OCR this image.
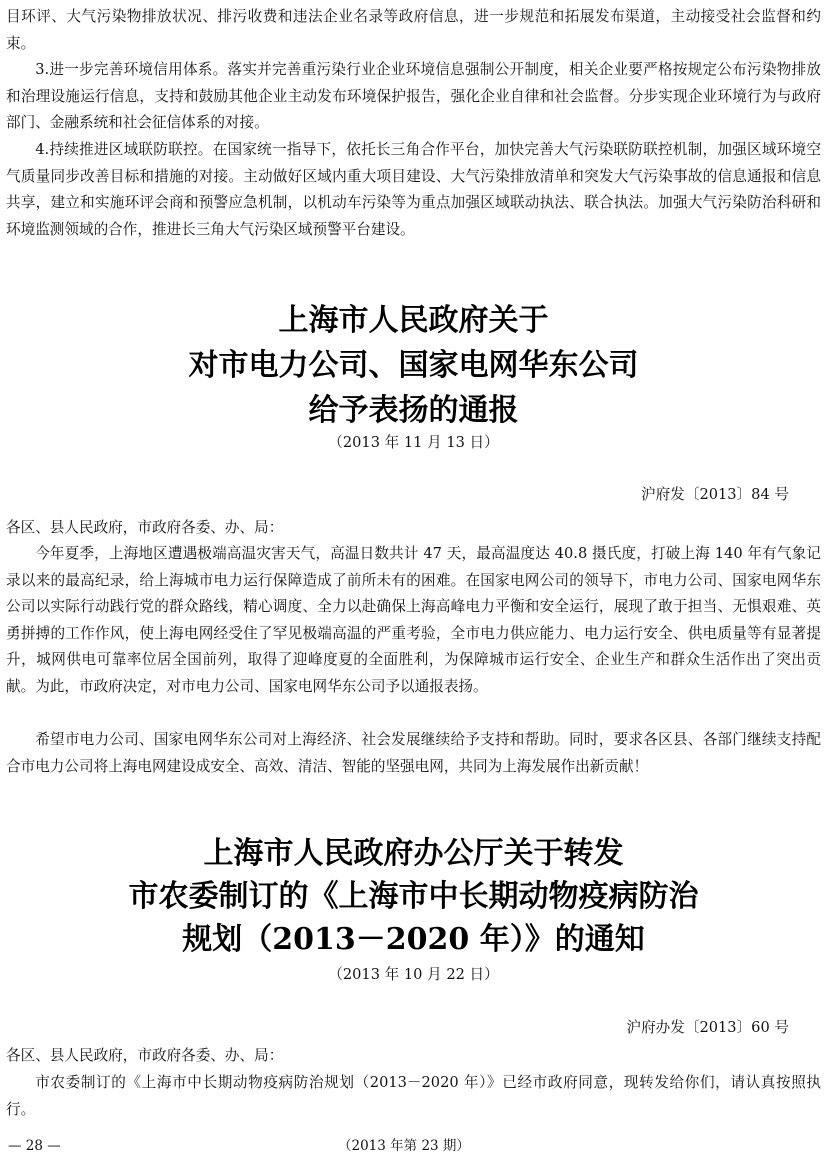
目环评、大气污染物排放状况、排污收费和违法企业名录等政府信息，进一步规范和拓展发布渠道，主动接受社会监督和约束。

3.进一步完善环境信用体系。落实并完善重污染行业企业环境信息强制公开制度，相关企业要严格按规定公布污染物排放和治理设施运行信息，支持和鼓励其他企业主动发布环境保护报告，强化企业自律和社会监督。分步实现企业环境行为与政府部门、金融系统和社会征信体系的对接。

4.持续推进区域联防联控。在国家统一指导下，依托长三角合作平台，加快完善大气污染联防联控机制，加强区域环境空气质量同步改善目标和措施的对接。主动做好区域内重大项目建设、大气污染排放清单和突发大气污染事故的信息通报和信息共享，建立和实施环评会商和预警应急机制，以机动车污染等为重点加强区域联动执法、联合执法。加强大气污染防治科研和环境监测领域的合作，推进长三角大气污染区域预警平台建设。

上海市人民政府关于
对市电力公司、国家电网华东公司
给予表扬的通报
（2013 年 11 月 13 日）
沪府发〔2013〕84 号

各区、县人民政府，市政府各委、办、局：

今年夏季，上海地区遭遇极端高温灾害天气，高温日数共计 47 天，最高温度达 40.8 摄氏度，打破上海 140 年有气象记录以来的最高纪录，给上海城市电力运行保障造成了前所未有的困难。在国家电网公司的领导下，市电力公司、国家电网华东公司以实际行动践行党的群众路线，精心调度、全力以赴确保上海高峰电力平衡和安全运行，展现了敢于担当、无惧艰难、英勇拼搏的工作作风，使上海电网经受住了罕见极端高温的严重考验，全市电力供应能力、电力运行安全、供电质量等有显著提升，城网供电可靠率位居全国前列，取得了迎峰度夏的全面胜利，为保障城市运行安全、企业生产和群众生活作出了突出贡献。为此，市政府决定，对市电力公司、国家电网华东公司予以通报表扬。

希望市电力公司、国家电网华东公司对上海经济、社会发展继续给予支持和帮助。同时，要求各区县、各部门继续支持配合市电力公司将上海电网建设成安全、高效、清洁、智能的坚强电网，共同为上海发展作出新贡献！

上海市人民政府办公厅关于转发
市农委制订的《上海市中长期动物疫病防治
规划（2013－2020 年）》的通知
（2013 年 10 月 22 日）
沪府办发〔2013〕60 号

各区、县人民政府，市政府各委、办、局：

市农委制订的《上海市中长期动物疫病防治规划（2013－2020 年）》已经市政府同意，现转发给你们，请认真按照执行。

— 28 —	（2013 年第 23 期）
